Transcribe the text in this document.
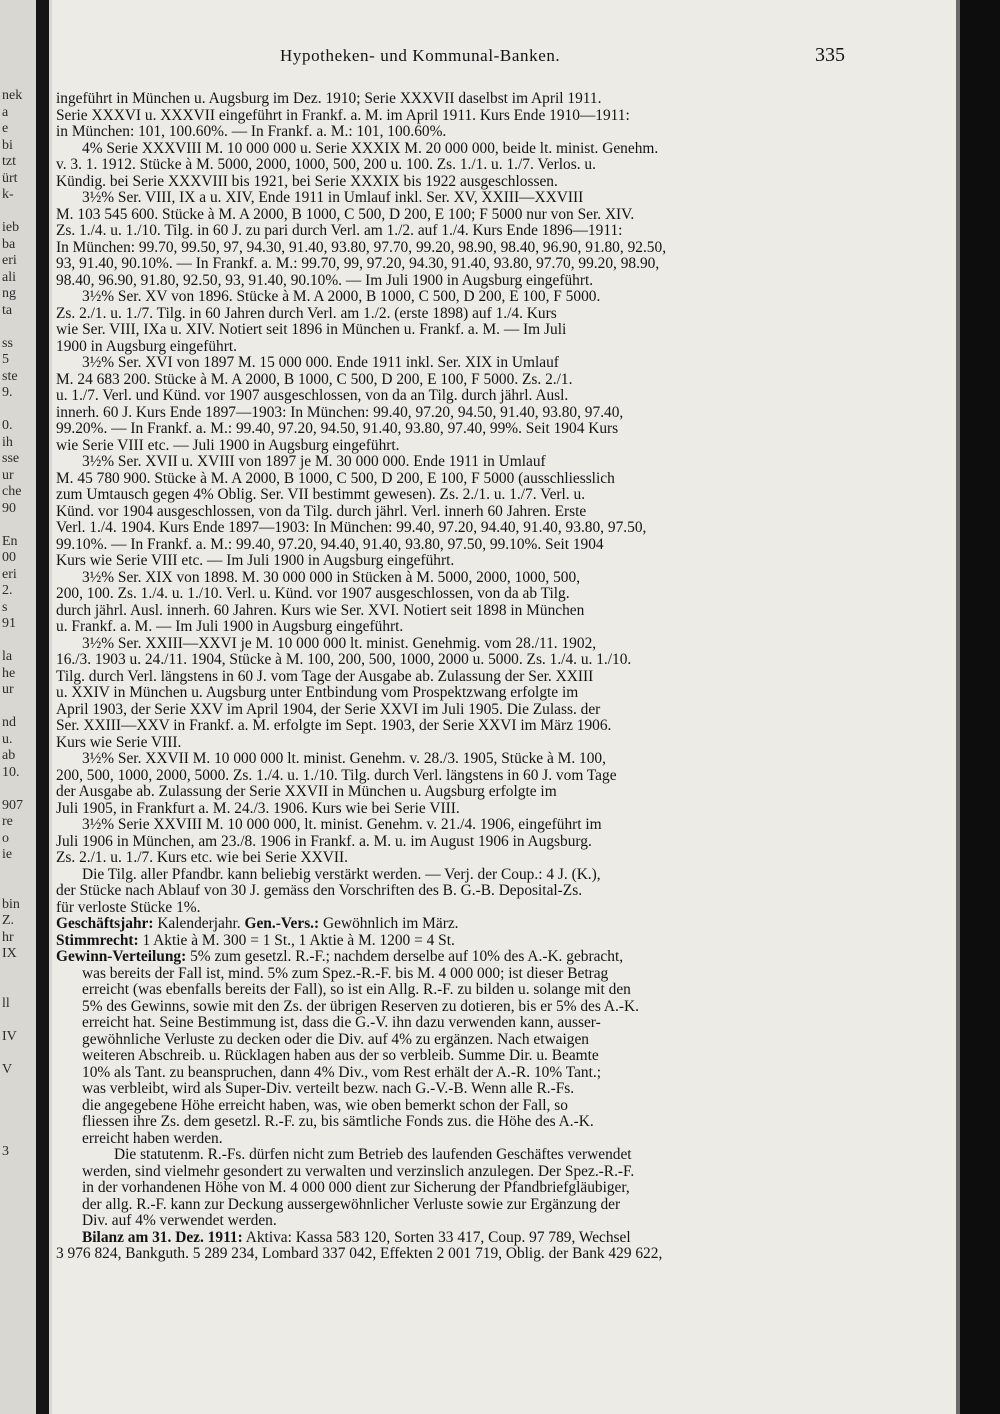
nek
a
e
bi
tzt
ürt
k-
ieb
ba
eri
ali
ng
ta
ss
5
ste
9.
0.
ih
sse
ur
che
90
En
00
eri
2.
s
91
la
he
ur
nd
u.
ab
10.
907
re
o
ie
bin
Z.
hr
IX
ll
IV
V
3
Hypotheken- und Kommunal-Banken.	335
ingeführt in München u. Augsburg im Dez. 1910; Serie XXXVII daselbst im April 1911.
Serie XXXVI u. XXXVII eingeführt in Frankf. a. M. im April 1911. Kurs Ende 1910—1911:
in München: 101, 100.60%. — In Frankf. a. M.: 101, 100.60%.
4% Serie XXXVIII M. 10 000 000 u. Serie XXXIX M. 20 000 000, beide lt. minist. Genehm.
v. 3. 1. 1912. Stücke à M. 5000, 2000, 1000, 500, 200 u. 100. Zs. 1./1. u. 1./7. Verlos. u.
Kündig. bei Serie XXXVIII bis 1921, bei Serie XXXIX bis 1922 ausgeschlossen.
3½% Ser. VIII, IX a u. XIV, Ende 1911 in Umlauf inkl. Ser. XV, XXIII—XXVIII
M. 103 545 600. Stücke à M. A 2000, B 1000, C 500, D 200, E 100; F 5000 nur von Ser. XIV.
Zs. 1./4. u. 1./10. Tilg. in 60 J. zu pari durch Verl. am 1./2. auf 1./4. Kurs Ende 1896—1911:
In München: 99.70, 99.50, 97, 94.30, 91.40, 93.80, 97.70, 99.20, 98.90, 98.40, 96.90, 91.80, 92.50,
93, 91.40, 90.10%. — In Frankf. a. M.: 99.70, 99, 97.20, 94.30, 91.40, 93.80, 97.70, 99.20, 98.90,
98.40, 96.90, 91.80, 92.50, 93, 91.40, 90.10%. — Im Juli 1900 in Augsburg eingeführt.
3½% Ser. XV von 1896. Stücke à M. A 2000, B 1000, C 500, D 200, E 100, F 5000.
Zs. 2./1. u. 1./7. Tilg. in 60 Jahren durch Verl. am 1./2. (erste 1898) auf 1./4. Kurs
wie Ser. VIII, IXa u. XIV. Notiert seit 1896 in München u. Frankf. a. M. — Im Juli
1900 in Augsburg eingeführt.
3½% Ser. XVI von 1897 M. 15 000 000. Ende 1911 inkl. Ser. XIX in Umlauf
M. 24 683 200. Stücke à M. A 2000, B 1000, C 500, D 200, E 100, F 5000. Zs. 2./1.
u. 1./7. Verl. und Künd. vor 1907 ausgeschlossen, von da an Tilg. durch jährl. Ausl.
innerh. 60 J. Kurs Ende 1897—1903: In München: 99.40, 97.20, 94.50, 91.40, 93.80, 97.40,
99.20%. — In Frankf. a. M.: 99.40, 97.20, 94.50, 91.40, 93.80, 97.40, 99%. Seit 1904 Kurs
wie Serie VIII etc. — Juli 1900 in Augsburg eingeführt.
3½% Ser. XVII u. XVIII von 1897 je M. 30 000 000. Ende 1911 in Umlauf
M. 45 780 900. Stücke à M. A 2000, B 1000, C 500, D 200, E 100, F 5000 (ausschliesslich
zum Umtausch gegen 4% Oblig. Ser. VII bestimmt gewesen). Zs. 2./1. u. 1./7. Verl. u.
Künd. vor 1904 ausgeschlossen, von da Tilg. durch jährl. Verl. innerh 60 Jahren. Erste
Verl. 1./4. 1904. Kurs Ende 1897—1903: In München: 99.40, 97.20, 94.40, 91.40, 93.80, 97.50,
99.10%. — In Frankf. a. M.: 99.40, 97.20, 94.40, 91.40, 93.80, 97.50, 99.10%. Seit 1904
Kurs wie Serie VIII etc. — Im Juli 1900 in Augsburg eingeführt.
3½% Ser. XIX von 1898. M. 30 000 000 in Stücken à M. 5000, 2000, 1000, 500,
200, 100. Zs. 1./4. u. 1./10. Verl. u. Künd. vor 1907 ausgeschlossen, von da ab Tilg.
durch jährl. Ausl. innerh. 60 Jahren. Kurs wie Ser. XVI. Notiert seit 1898 in München
u. Frankf. a. M. — Im Juli 1900 in Augsburg eingeführt.
3½% Ser. XXIII—XXVI je M. 10 000 000 lt. minist. Genehmig. vom 28./11. 1902,
16./3. 1903 u. 24./11. 1904, Stücke à M. 100, 200, 500, 1000, 2000 u. 5000. Zs. 1./4. u. 1./10.
Tilg. durch Verl. längstens in 60 J. vom Tage der Ausgabe ab. Zulassung der Ser. XXIII
u. XXIV in München u. Augsburg unter Entbindung vom Prospektzwang erfolgte im
April 1903, der Serie XXV im April 1904, der Serie XXVI im Juli 1905. Die Zulass. der
Ser. XXIII—XXV in Frankf. a. M. erfolgte im Sept. 1903, der Serie XXVI im März 1906.
Kurs wie Serie VIII.
3½% Ser. XXVII M. 10 000 000 lt. minist. Genehm. v. 28./3. 1905, Stücke à M. 100,
200, 500, 1000, 2000, 5000. Zs. 1./4. u. 1./10. Tilg. durch Verl. längstens in 60 J. vom Tage
der Ausgabe ab. Zulassung der Serie XXVII in München u. Augsburg erfolgte im
Juli 1905, in Frankfurt a. M. 24./3. 1906. Kurs wie bei Serie VIII.
3½% Serie XXVIII M. 10 000 000, lt. minist. Genehm. v. 21./4. 1906, eingeführt im
Juli 1906 in München, am 23./8. 1906 in Frankf. a. M. u. im August 1906 in Augsburg.
Zs. 2./1. u. 1./7. Kurs etc. wie bei Serie XXVII.
Die Tilg. aller Pfandbr. kann beliebig verstärkt werden. — Verj. der Coup.: 4 J. (K.),
der Stücke nach Ablauf von 30 J. gemäss den Vorschriften des B. G.-B. Deposital-Zs.
für verloste Stücke 1%.
Geschäftsjahr: Kalenderjahr. Gen.-Vers.: Gewöhnlich im März.
Stimmrecht: 1 Aktie à M. 300 = 1 St., 1 Aktie à M. 1200 = 4 St.
Gewinn-Verteilung: 5% zum gesetzl. R.-F.; nachdem derselbe auf 10% des A.-K. gebracht,
was bereits der Fall ist, mind. 5% zum Spez.-R.-F. bis M. 4 000 000; ist dieser Betrag
erreicht (was ebenfalls bereits der Fall), so ist ein Allg. R.-F. zu bilden u. solange mit den
5% des Gewinns, sowie mit den Zs. der übrigen Reserven zu dotieren, bis er 5% des A.-K.
erreicht hat. Seine Bestimmung ist, dass die G.-V. ihn dazu verwenden kann, ausser-
gewöhnliche Verluste zu decken oder die Div. auf 4% zu ergänzen. Nach etwaigen
weiteren Abschreib. u. Rücklagen haben aus der so verbleib. Summe Dir. u. Beamte
10% als Tant. zu beanspruchen, dann 4% Div., vom Rest erhält der A.-R. 10% Tant.;
was verbleibt, wird als Super-Div. verteilt bezw. nach G.-V.-B. Wenn alle R.-Fs.
die angegebene Höhe erreicht haben, was, wie oben bemerkt schon der Fall, so
fliessen ihre Zs. dem gesetzl. R.-F. zu, bis sämtliche Fonds zus. die Höhe des A.-K.
erreicht haben werden.
Die statutenm. R.-Fs. dürfen nicht zum Betrieb des laufenden Geschäftes verwendet
werden, sind vielmehr gesondert zu verwalten und verzinslich anzulegen. Der Spez.-R.-F.
in der vorhandenen Höhe von M. 4 000 000 dient zur Sicherung der Pfandbriefgläubiger,
der allg. R.-F. kann zur Deckung aussergewöhnlicher Verluste sowie zur Ergänzung der
Div. auf 4% verwendet werden.
Bilanz am 31. Dez. 1911: Aktiva: Kassa 583 120, Sorten 33 417, Coup. 97 789, Wechsel
3 976 824, Bankguth. 5 289 234, Lombard 337 042, Effekten 2 001 719, Oblig. der Bank 429 622,
